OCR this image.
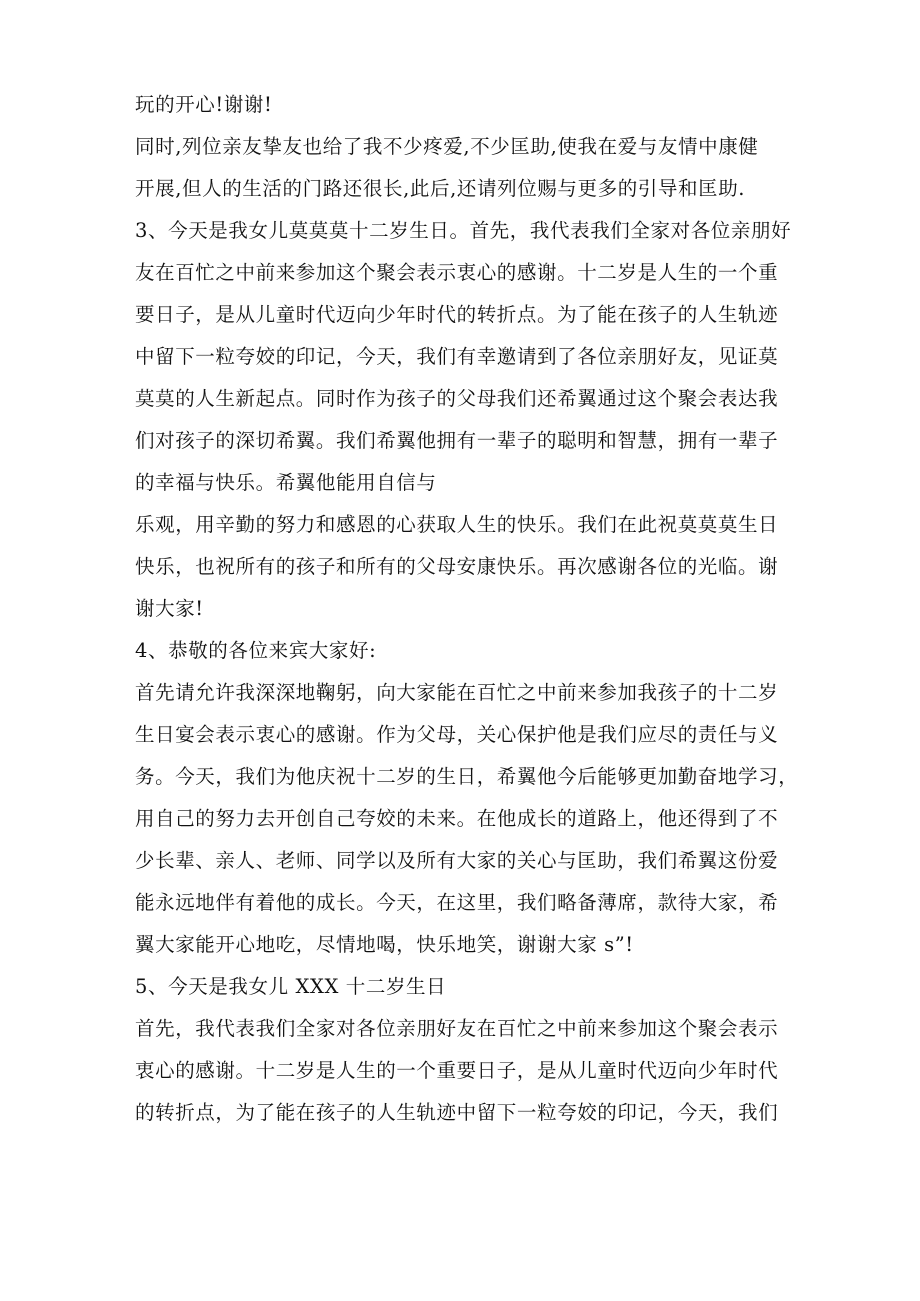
玩的开心!谢谢!
同时,列位亲友挚友也给了我不少疼爱,不少匡助,使我在爱与友情中康健
开展,但人的生活的门路还很长,此后,还请列位赐与更多的引导和匡助.
3、今天是我女儿莫莫莫十二岁生日。首先，我代表我们全家对各位亲朋好
友在百忙之中前来参加这个聚会表示衷心的感谢。十二岁是人生的一个重
要日子，是从儿童时代迈向少年时代的转折点。为了能在孩子的人生轨迹
中留下一粒夸姣的印记，今天，我们有幸邀请到了各位亲朋好友，见证莫
莫莫的人生新起点。同时作为孩子的父母我们还希翼通过这个聚会表达我
们对孩子的深切希翼。我们希翼他拥有一辈子的聪明和智慧，拥有一辈子
的幸福与快乐。希翼他能用自信与
乐观，用辛勤的努力和感恩的心获取人生的快乐。我们在此祝莫莫莫生日
快乐，也祝所有的孩子和所有的父母安康快乐。再次感谢各位的光临。谢
谢大家!
4、恭敬的各位来宾大家好:
首先请允许我深深地鞠躬，向大家能在百忙之中前来参加我孩子的十二岁
生日宴会表示衷心的感谢。作为父母，关心保护他是我们应尽的责任与义
务。今天，我们为他庆祝十二岁的生日，希翼他今后能够更加勤奋地学习，
用自己的努力去开创自己夸姣的未来。在他成长的道路上，他还得到了不
少长辈、亲人、老师、同学以及所有大家的关心与匡助，我们希翼这份爱
能永远地伴有着他的成长。今天，在这里，我们略备薄席，款待大家，希
翼大家能开心地吃，尽情地喝，快乐地笑，谢谢大家 s”!
5、今天是我女儿 XXX 十二岁生日
首先，我代表我们全家对各位亲朋好友在百忙之中前来参加这个聚会表示
衷心的感谢。十二岁是人生的一个重要日子，是从儿童时代迈向少年时代
的转折点，为了能在孩子的人生轨迹中留下一粒夸姣的印记，今天，我们
